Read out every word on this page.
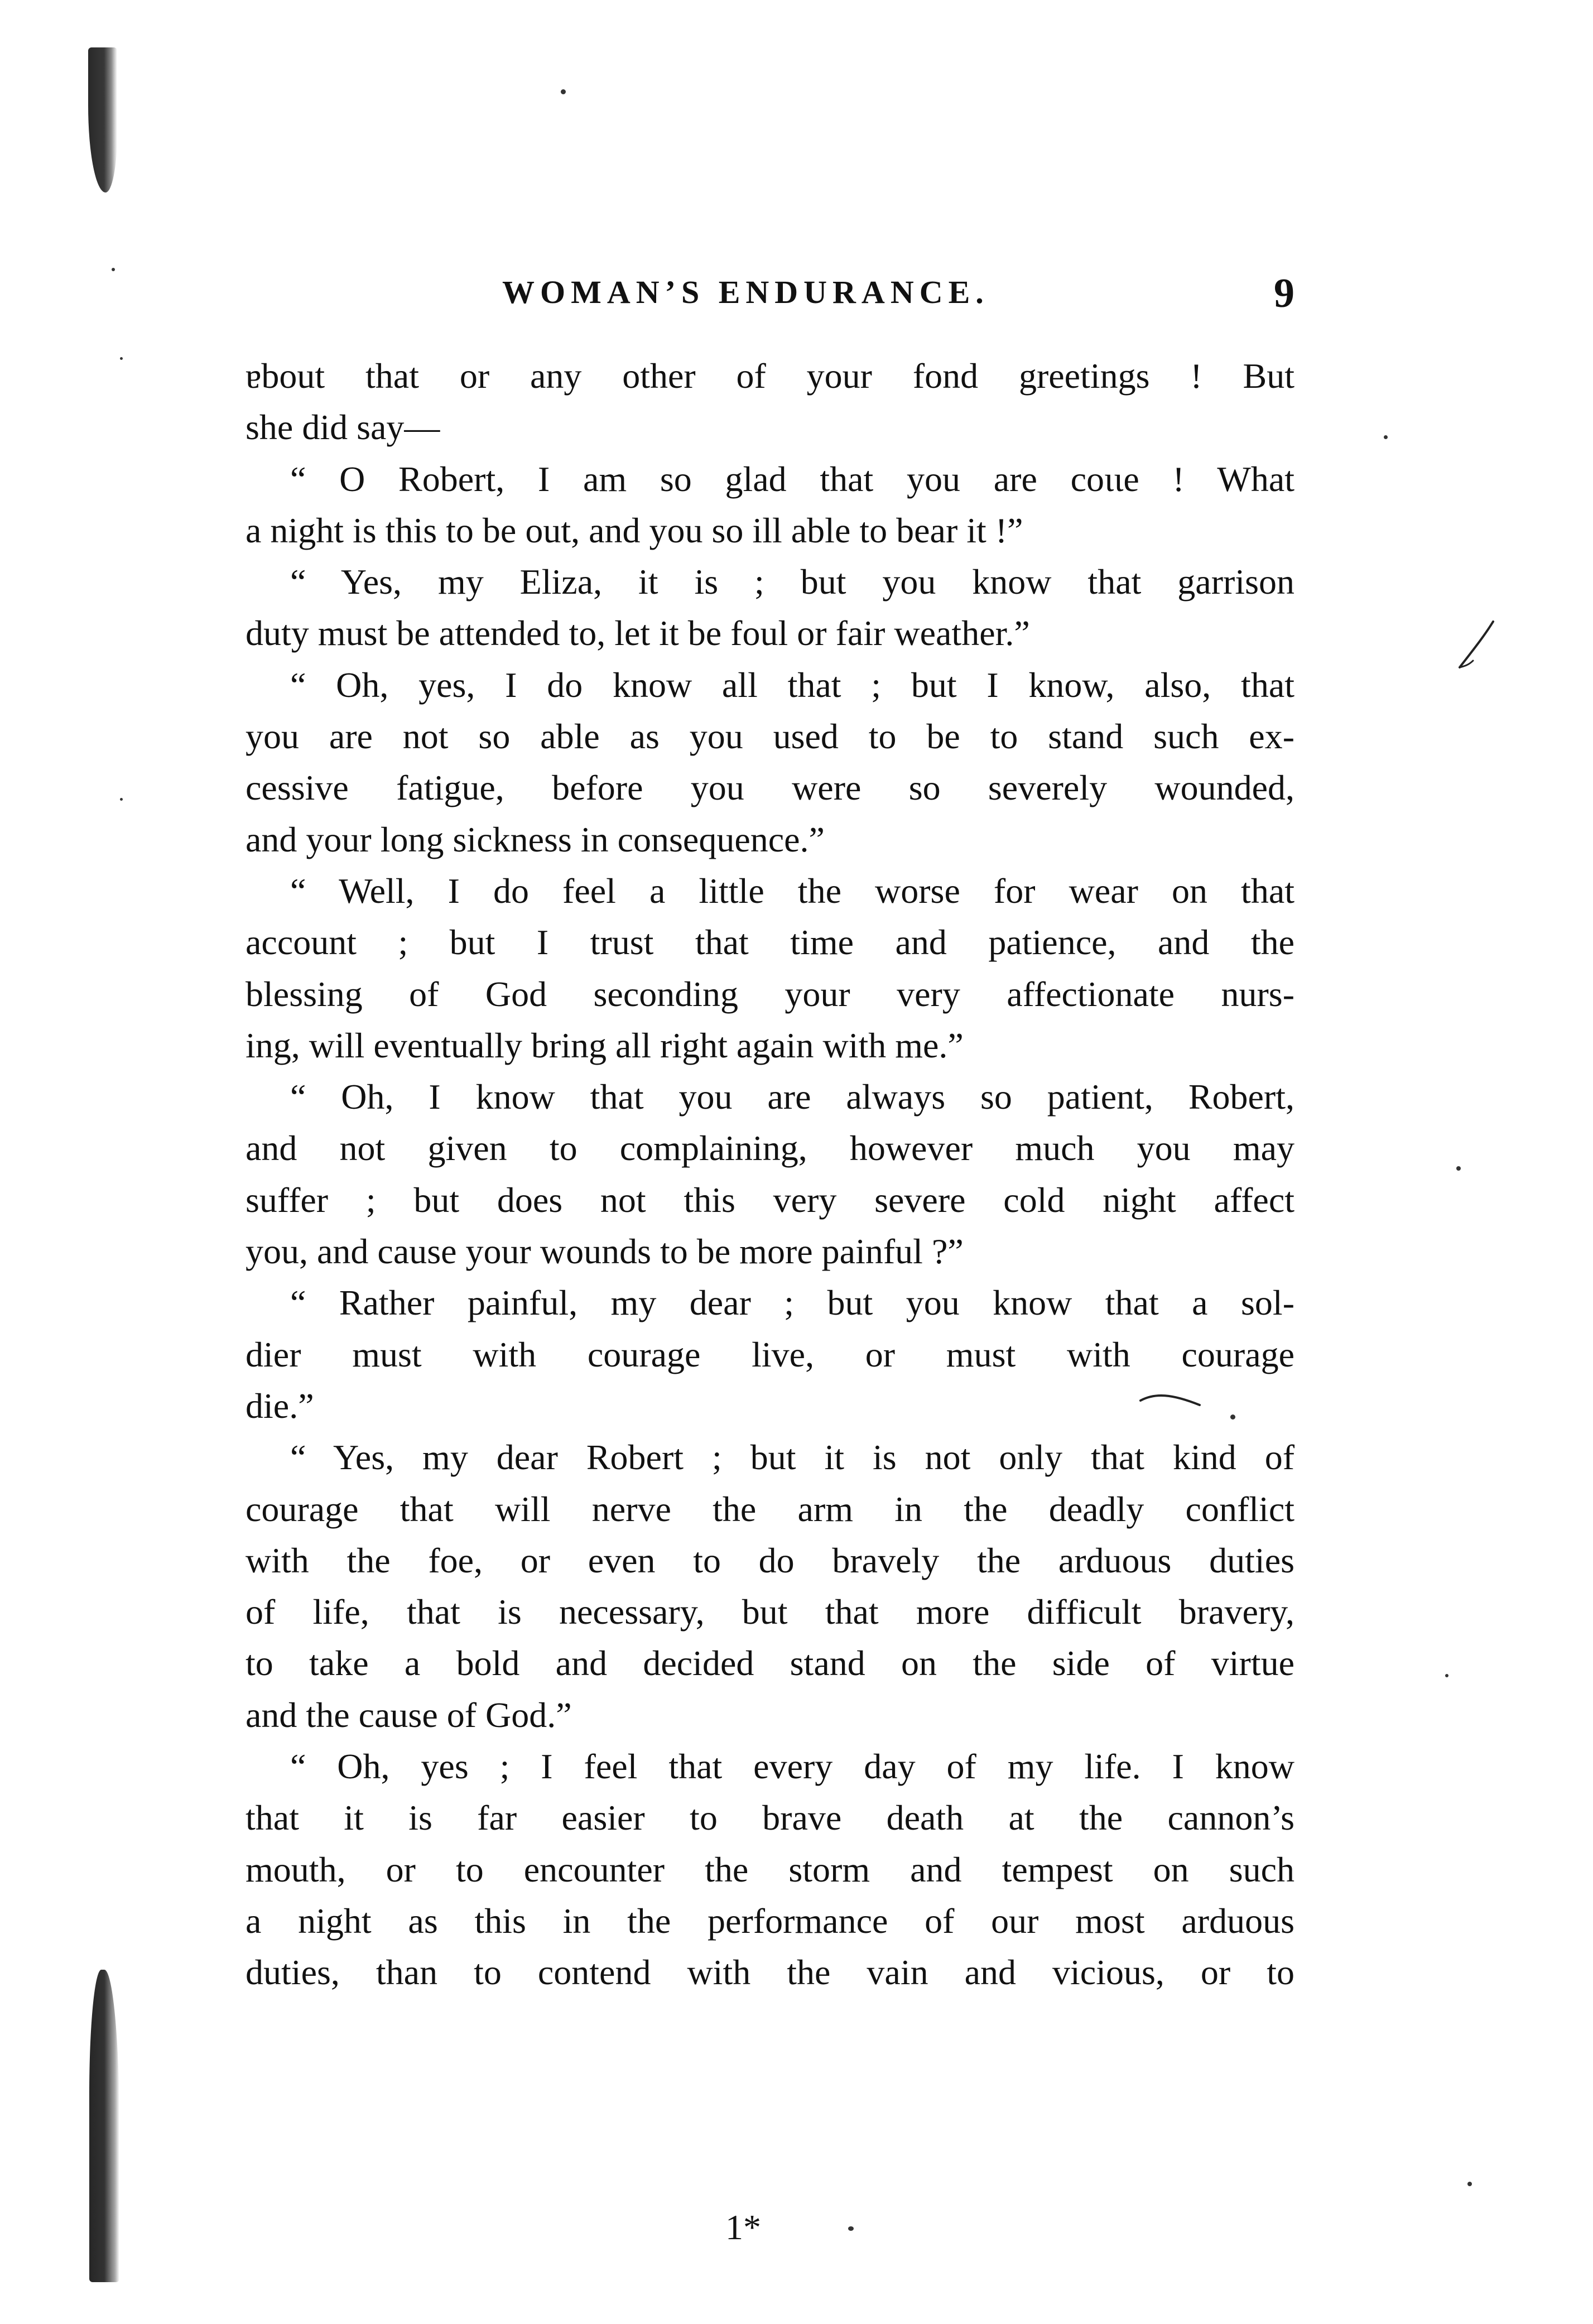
WOMAN’S ENDURANCE.	9
ɐbout that or any other of your fond greetings ! But
she did say—
“ O Robert, I am so glad that you are coιιe ! What
a night is this to be out, and you so ill able to bear it !”
“ Yes, my Eliza, it is ; but you know that garrison
duty must be attended to, let it be foul or fair weather.”
“ Oh, yes, I do know all that ; but I know, also, that
you are not so able as you used to be to stand such ex-
cessive fatigue, before you were so severely wounded,
and your long sickness in consequence.”
“ Well, I do feel a little the worse for wear on that
account ; but I trust that time and patience, and the
blessing of God seconding your very affectionate nurs-
ing, will eventually bring all right again with me.”
“ Oh, I know that you are always so patient, Robert,
and not given to complaining, however much you may
suffer ; but does not this very severe cold night affect
you, and cause your wounds to be more painful ?”
“ Rather painful, my dear ; but you know that a sol-
dier must with courage live, or must with courage
die.”
“ Yes, my dear Robert ; but it is not only that kind of
courage that will nerve the arm in the deadly conflict
with the foe, or even to do bravely the arduous duties
of life, that is necessary, but that more difficult bravery,
to take a bold and decided stand on the side of virtue
and the cause of God.”
“ Oh, yes ; I feel that every day of my life. I know
that it is far easier to brave death at the cannon’s
mouth, or to encounter the storm and tempest on such
a night as this in the performance of our most arduous
duties, than to contend with the vain and vicious, or to
1*
